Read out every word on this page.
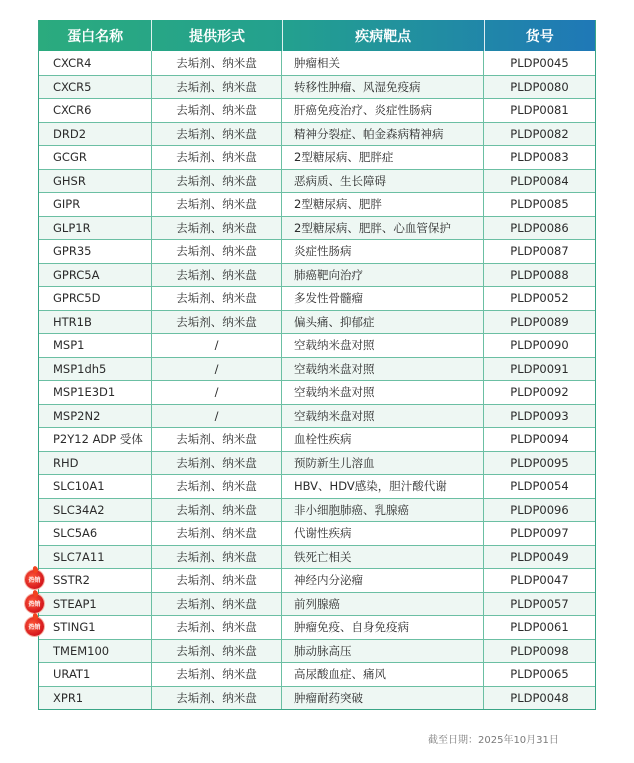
蛋白名称	提供形式	疾病靶点	货号
CXCR4	去垢剂、纳米盘	肿瘤相关	PLDP0045
CXCR5	去垢剂、纳米盘	转移性肿瘤、风湿免疫病	PLDP0080
CXCR6	去垢剂、纳米盘	肝癌免疫治疗、炎症性肠病	PLDP0081
DRD2	去垢剂、纳米盘	精神分裂症、帕金森病精神病	PLDP0082
GCGR	去垢剂、纳米盘	2型糖尿病、肥胖症	PLDP0083
GHSR	去垢剂、纳米盘	恶病质、生长障碍	PLDP0084
GIPR	去垢剂、纳米盘	2型糖尿病、肥胖	PLDP0085
GLP1R	去垢剂、纳米盘	2型糖尿病、肥胖、心血管保护	PLDP0086
GPR35	去垢剂、纳米盘	炎症性肠病	PLDP0087
GPRC5A	去垢剂、纳米盘	肺癌靶向治疗	PLDP0088
GPRC5D	去垢剂、纳米盘	多发性骨髓瘤	PLDP0052
HTR1B	去垢剂、纳米盘	偏头痛、抑郁症	PLDP0089
MSP1	/	空载纳米盘对照	PLDP0090
MSP1dh5	/	空载纳米盘对照	PLDP0091
MSP1E3D1	/	空载纳米盘对照	PLDP0092
MSP2N2	/	空载纳米盘对照	PLDP0093
P2Y12 ADP 受体	去垢剂、纳米盘	血栓性疾病	PLDP0094
RHD	去垢剂、纳米盘	预防新生儿溶血	PLDP0095
SLC10A1	去垢剂、纳米盘	HBV、HDV感染，胆汁酸代谢	PLDP0054
SLC34A2	去垢剂、纳米盘	非小细胞肺癌、乳腺癌	PLDP0096
SLC5A6	去垢剂、纳米盘	代谢性疾病	PLDP0097
SLC7A11	去垢剂、纳米盘	铁死亡相关	PLDP0049
热销	SSTR2	去垢剂、纳米盘	神经内分泌瘤	PLDP0047
热销	STEAP1	去垢剂、纳米盘	前列腺癌	PLDP0057
热销	STING1	去垢剂、纳米盘	肿瘤免疫、自身免疫病	PLDP0061
TMEM100	去垢剂、纳米盘	肺动脉高压	PLDP0098
URAT1	去垢剂、纳米盘	高尿酸血症、痛风	PLDP0065
XPR1	去垢剂、纳米盘	肿瘤耐药突破	PLDP0048
截至日期：2025年10月31日
